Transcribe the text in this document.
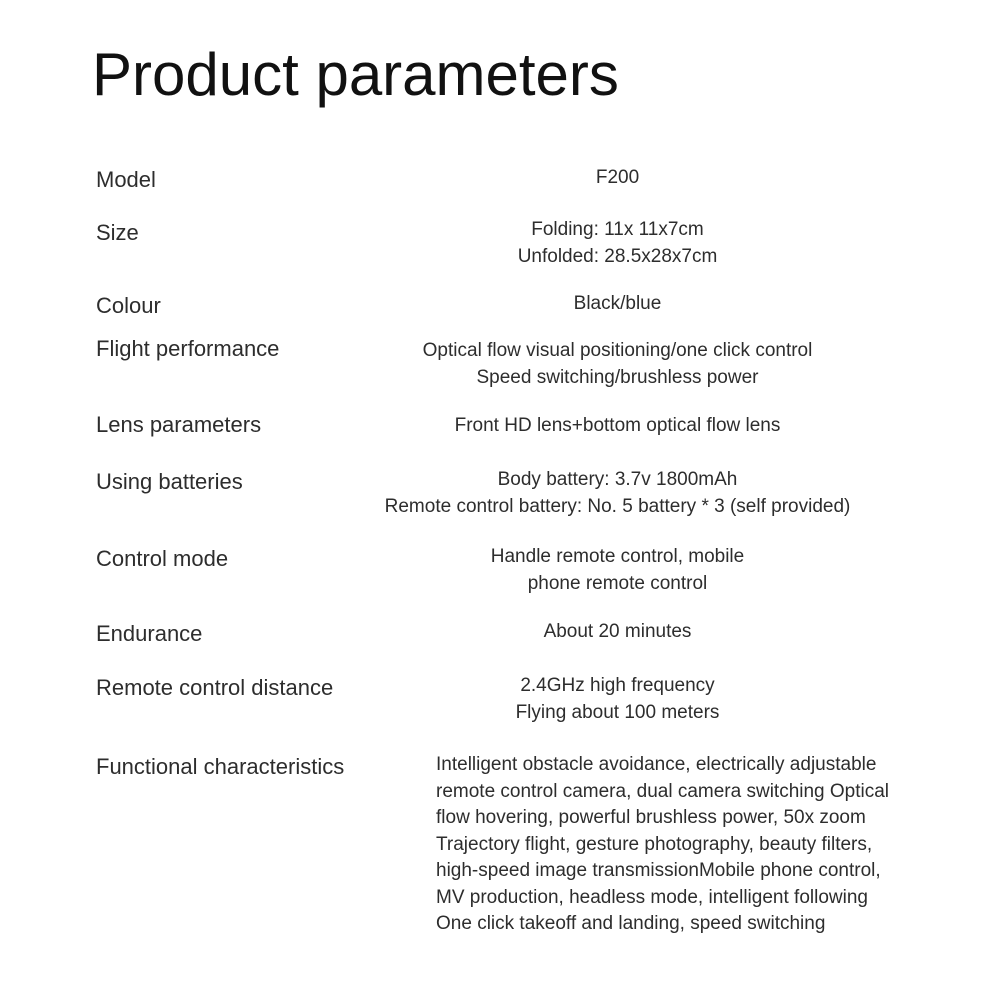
Product parameters
Model	F200
Size	Folding: 11x 11x7cm
Unfolded: 28.5x28x7cm
Colour	Black/blue
Flight performance	Optical flow visual positioning/one click control
Speed switching/brushless power
Lens parameters	Front HD lens+bottom optical flow lens
Using batteries	Body battery: 3.7v 1800mAh
Remote control battery: No. 5 battery * 3 (self provided)
Control mode	Handle remote control, mobile
phone remote control
Endurance	About 20 minutes
Remote control distance	2.4GHz high frequency
Flying about 100 meters
Functional characteristics	Intelligent obstacle avoidance, electrically adjustable
remote control camera, dual camera switching Optical
flow hovering, powerful brushless power, 50x zoom
Trajectory flight, gesture photography, beauty filters,
high-speed image transmissionMobile phone control,
MV production, headless mode, intelligent following
One click takeoff and landing, speed switching
